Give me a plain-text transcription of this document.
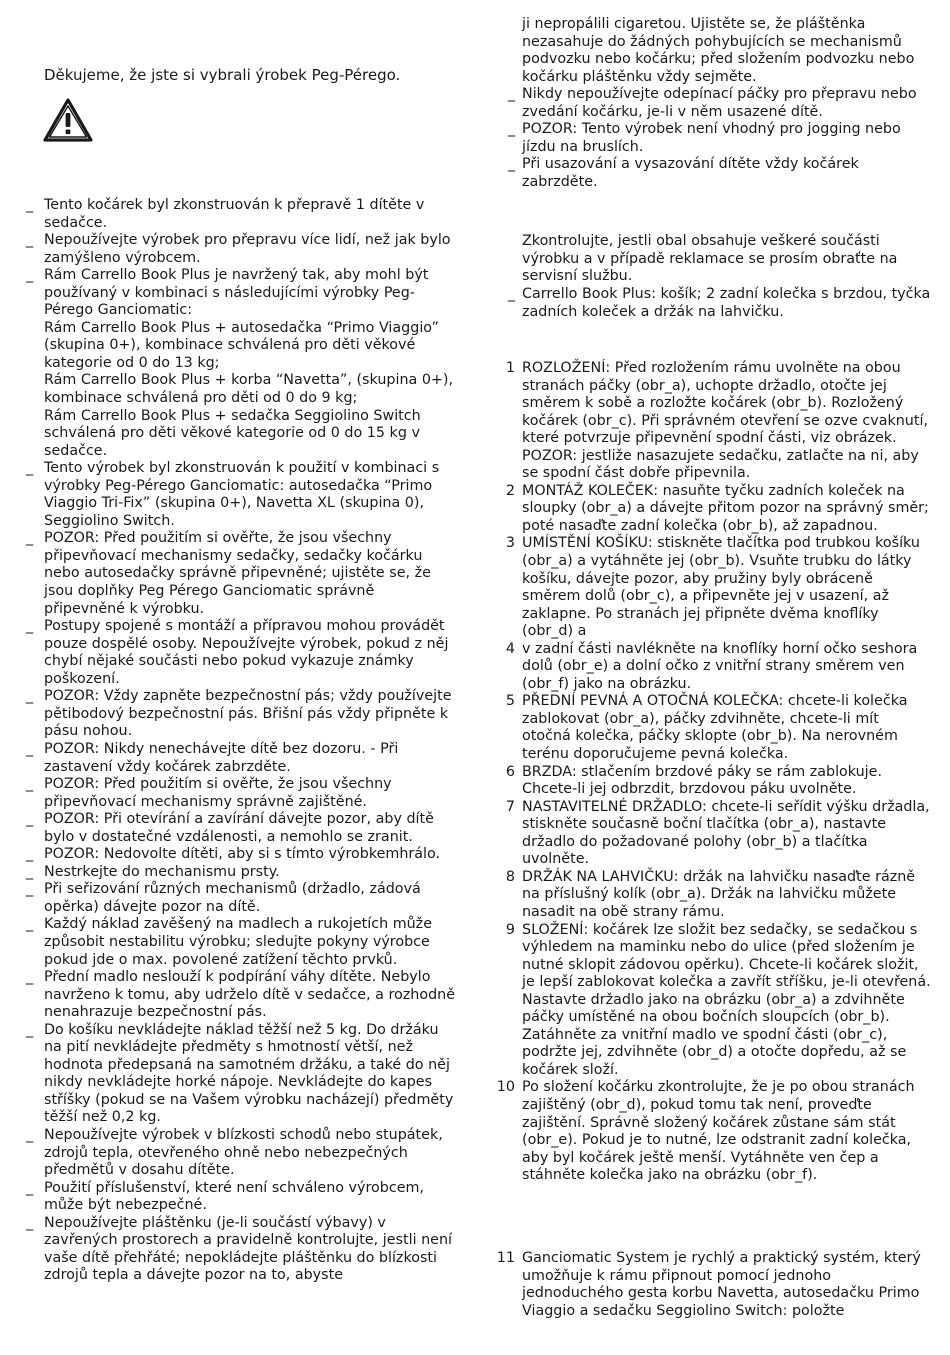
Děkujeme, že jste si vybrali ýrobek Peg-Pérego.
_ Tento kočárek byl zkonstruován k přepravě 1 dítěte v sedačce.
_ Nepoužívejte výrobek pro přepravu více lidí, než jak bylo zamýšleno výrobcem.
_ Rám Carrello Book Plus je navržený tak, aby mohl být používaný v kombinaci s následujícími výrobky Peg-Pérego Ganciomatic:
Rám Carrello Book Plus + autosedačka “Primo Viaggio” (skupina 0+), kombinace schválená pro děti věkové kategorie od 0 do 13 kg;
Rám Carrello Book Plus + korba “Navetta”, (skupina 0+), kombinace schválená pro děti od 0 do 9 kg;
Rám Carrello Book Plus + sedačka Seggiolino Switch schválená pro děti věkové kategorie od 0 do 15 kg v sedačce.
_ Tento výrobek byl zkonstruován k použití v kombinaci s výrobky Peg-Pérego Ganciomatic: autosedačka “Primo Viaggio Tri-Fix” (skupina 0+), Navetta XL (skupina 0), Seggiolino Switch.
_ POZOR: Před použitím si ověřte, že jsou všechny připevňovací mechanismy sedačky, sedačky kočárku nebo autosedačky správně připevněné; ujistěte se, že jsou doplňky Peg Pérego Ganciomatic správně připevněné k výrobku.
_ Postupy spojené s montáží a přípravou mohou provádět pouze dospělé osoby. Nepoužívejte výrobek, pokud z něj chybí nějaké součásti nebo pokud vykazuje známky poškození.
_ POZOR: Vždy zapněte bezpečnostní pás; vždy používejte pětibodový bezpečnostní pás. Břišní pás vždy připněte k pásu nohou.
_ POZOR: Nikdy nenechávejte dítě bez dozoru. - Při zastavení vždy kočárek zabrzděte.
_ POZOR: Před použitím si ověřte, že jsou všechny připevňovací mechanismy správně zajištěné.
_ POZOR: Při otevírání a zavírání dávejte pozor, aby dítě bylo v dostatečné vzdálenosti, a nemohlo se zranit.
_ POZOR: Nedovolte dítěti, aby si s tímto výrobkemhrálo.
_ Nestrkejte do mechanismu prsty.
_ Při seřizování různých mechanismů (držadlo, zádová opěrka) dávejte pozor na dítě.
_ Každý náklad zavěšený na madlech a rukojetích může způsobit nestabilitu výrobku; sledujte pokyny výrobce pokud jde o max. povolené zatížení těchto prvků.
_ Přední madlo neslouží k podpírání váhy dítěte. Nebylo navrženo k tomu, aby udrželo dítě v sedačce, a rozhodně nenahrazuje bezpečnostní pás.
_ Do košíku nevkládejte náklad těžší než 5 kg. Do držáku na pití nevkládejte předměty s hmotností větší, než hodnota předepsaná na samotném držáku, a také do něj nikdy nevkládejte horké nápoje. Nevkládejte do kapes stříšky (pokud se na Vašem výrobku nacházejí) předměty těžší než 0,2 kg.
_ Nepoužívejte výrobek v blízkosti schodů nebo stupátek, zdrojů tepla, otevřeného ohně nebo nebezpečných předmětů v dosahu dítěte.
_ Použití příslušenství, které není schváleno výrobcem, může být nebezpečné.
_ Nepoužívejte pláštěnku (je-li součástí výbavy) v zavřených prostorech a pravidelně kontrolujte, jestli není vaše dítě přehřáté; nepokládejte pláštěnku do blízkosti zdrojů tepla a dávejte pozor na to, abyste

ji nepropálili cigaretou. Ujistěte se, že pláštěnka nezasahuje do žádných pohybujících se mechanismů podvozku nebo kočárku; před složením podvozku nebo kočárku pláštěnku vždy sejměte.

_ Nikdy nepoužívejte odepínací páčky pro přepravu nebo zvedání kočárku, je-li v něm usazené dítě.
_ POZOR: Tento výrobek není vhodný pro jogging nebo jízdu na bruslích.
_ Při usazování a vysazování dítěte vždy kočárek zabrzděte.

Zkontrolujte, jestli obal obsahuje veškeré součásti výrobku a v případě reklamace se prosím obraťte na servisní službu.

_ Carrello Book Plus: košík; 2 zadní kolečka s brzdou, tyčka zadních koleček a držák na lahvičku.
1 ROZLOŽENÍ: Před rozložením rámu uvolněte na obou stranách páčky (obr_a), uchopte držadlo, otočte jej směrem k sobě a rozložte kočárek (obr_b). Rozložený kočárek (obr_c). Při správném otevření se ozve cvaknutí, které potvrzuje připevnění spodní části, viz obrázek. POZOR: jestliže nasazujete sedačku, zatlačte na ni, aby se spodní část dobře připevnila.
2 MONTÁŽ KOLEČEK: nasuňte tyčku zadních koleček na sloupky (obr_a) a dávejte přitom pozor na správný směr; poté nasaďte zadní kolečka (obr_b), až zapadnou.
3 UMÍSTĚNÍ KOŠÍKU: stiskněte tlačítka pod trubkou košíku (obr_a) a vytáhněte jej (obr_b). Vsuňte trubku do látky košíku, dávejte pozor, aby pružiny byly obráceně směrem dolů (obr_c), a připevněte jej v usazení, až zaklapne. Po stranách jej připněte dvěma knoflíky (obr_d) a
4 v zadní části navlékněte na knoflíky horní očko seshora dolů (obr_e) a dolní očko z vnitřní strany směrem ven (obr_f) jako na obrázku.
5 PŘEDNÍ PEVNÁ A OTOČNÁ KOLEČKA: chcete-li kolečka zablokovat (obr_a), páčky zdvihněte, chcete-li mít otočná kolečka, páčky sklopte (obr_b). Na nerovném terénu doporučujeme pevná kolečka.
6 BRZDA: stlačením brzdové páky se rám zablokuje. Chcete-li jej odbrzdit, brzdovou páku uvolněte.
7 NASTAVITELNÉ DRŽADLO: chcete-li seřídit výšku držadla, stiskněte současně boční tlačítka (obr_a), nastavte držadlo do požadované polohy (obr_b) a tlačítka uvolněte.
8 DRŽÁK NA LAHVIČKU: držák na lahvičku nasaďte rázně na příslušný kolík (obr_a). Držák na lahvičku můžete nasadit na obě strany rámu.
9 SLOŽENÍ: kočárek lze složit bez sedačky, se sedačkou s výhledem na maminku nebo do ulice (před složením je nutné sklopit zádovou opěrku). Chcete-li kočárek složit, je lepší zablokovat kolečka a zavřít stříšku, je-li otevřená. Nastavte držadlo jako na obrázku (obr_a) a zdvihněte páčky umístěné na obou bočních sloupcích (obr_b). Zatáhněte za vnitřní madlo ve spodní části (obr_c), podržte jej, zdvihněte (obr_d) a otočte dopředu, až se kočárek složí.
10 Po složení kočárku zkontrolujte, že je po obou stranách zajištěný (obr_d), pokud tomu tak není, proveďte zajištění. Správně složený kočárek zůstane sám stát (obr_e). Pokud je to nutné, lze odstranit zadní kolečka, aby byl kočárek ještě menší. Vytáhněte ven čep a stáhněte kolečka jako na obrázku (obr_f).
11 Ganciomatic System je rychlý a praktický systém, který umožňuje k rámu připnout pomocí jednoho jednoduchého gesta korbu Navetta, autosedačku Primo Viaggio a sedačku Seggiolino Switch: položte
